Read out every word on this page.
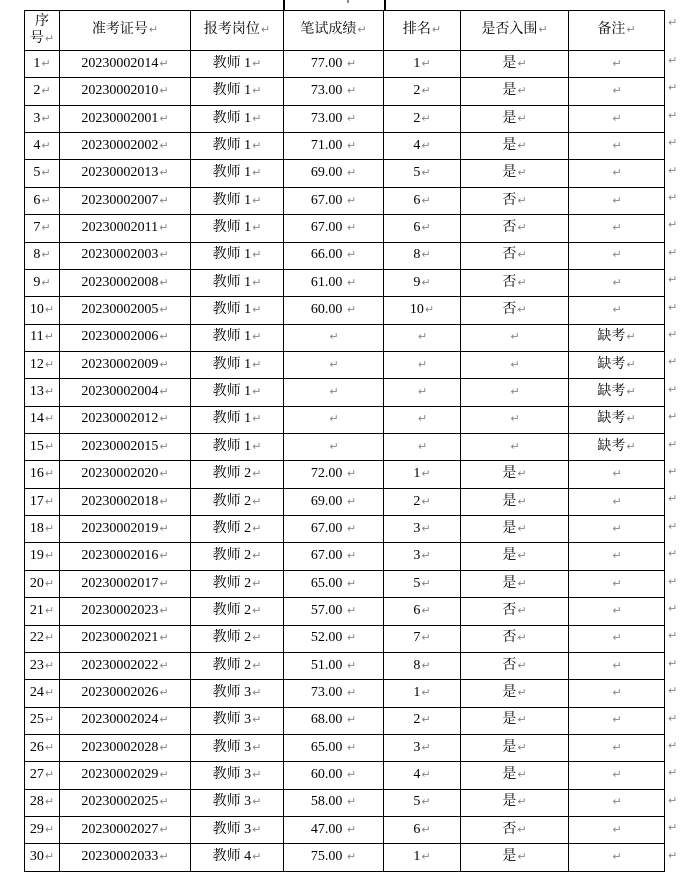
序号↵	准考证号↵	报考岗位↵	笔试成绩↵	排名↵	是否入围↵	备注↵
1↵	20230002014↵	教师 1↵	77.00 ↵	1↵	是↵	↵
2↵	20230002010↵	教师 1↵	73.00 ↵	2↵	是↵	↵
3↵	20230002001↵	教师 1↵	73.00 ↵	2↵	是↵	↵
4↵	20230002002↵	教师 1↵	71.00 ↵	4↵	是↵	↵
5↵	20230002013↵	教师 1↵	69.00 ↵	5↵	是↵	↵
6↵	20230002007↵	教师 1↵	67.00 ↵	6↵	否↵	↵
7↵	20230002011↵	教师 1↵	67.00 ↵	6↵	否↵	↵
8↵	20230002003↵	教师 1↵	66.00 ↵	8↵	否↵	↵
9↵	20230002008↵	教师 1↵	61.00 ↵	9↵	否↵	↵
10↵	20230002005↵	教师 1↵	60.00 ↵	10↵	否↵	↵
11↵	20230002006↵	教师 1↵	↵	↵	↵	缺考↵
12↵	20230002009↵	教师 1↵	↵	↵	↵	缺考↵
13↵	20230002004↵	教师 1↵	↵	↵	↵	缺考↵
14↵	20230002012↵	教师 1↵	↵	↵	↵	缺考↵
15↵	20230002015↵	教师 1↵	↵	↵	↵	缺考↵
16↵	20230002020↵	教师 2↵	72.00 ↵	1↵	是↵	↵
17↵	20230002018↵	教师 2↵	69.00 ↵	2↵	是↵	↵
18↵	20230002019↵	教师 2↵	67.00 ↵	3↵	是↵	↵
19↵	20230002016↵	教师 2↵	67.00 ↵	3↵	是↵	↵
20↵	20230002017↵	教师 2↵	65.00 ↵	5↵	是↵	↵
21↵	20230002023↵	教师 2↵	57.00 ↵	6↵	否↵	↵
22↵	20230002021↵	教师 2↵	52.00 ↵	7↵	否↵	↵
23↵	20230002022↵	教师 2↵	51.00 ↵	8↵	否↵	↵
24↵	20230002026↵	教师 3↵	73.00 ↵	1↵	是↵	↵
25↵	20230002024↵	教师 3↵	68.00 ↵	2↵	是↵	↵
26↵	20230002028↵	教师 3↵	65.00 ↵	3↵	是↵	↵
27↵	20230002029↵	教师 3↵	60.00 ↵	4↵	是↵	↵
28↵	20230002025↵	教师 3↵	58.00 ↵	5↵	是↵	↵
29↵	20230002027↵	教师 3↵	47.00 ↵	6↵	否↵	↵
30↵	20230002033↵	教师 4↵	75.00 ↵	1↵	是↵	↵
↵
↵
↵
↵
↵
↵
↵
↵
↵
↵
↵
↵
↵
↵
↵
↵
↵
↵
↵
↵
↵
↵
↵
↵
↵
↵
↵
↵
↵
↵
↵
